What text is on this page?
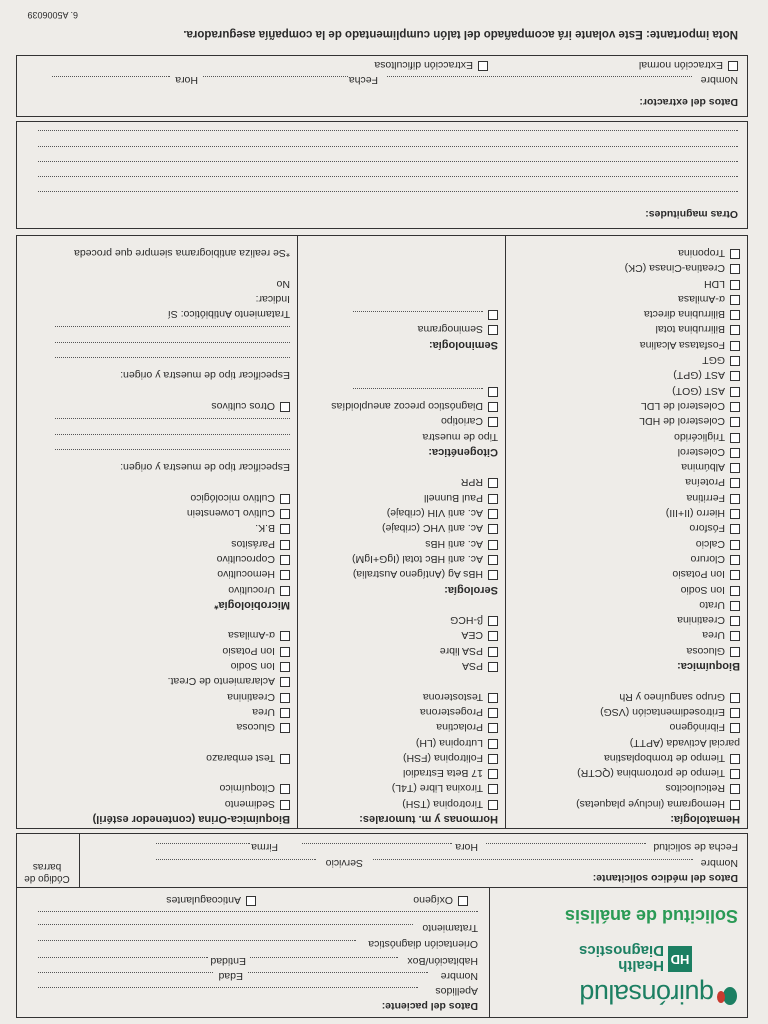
quirónsalud
HD
Health
Diagnostics
Solicitud de análisis
Datos del paciente:
Apellidos
Nombre
Edad
Habitación/Box
Entidad
Orientación diagnóstica
Tratamiento
Oxígeno
Anticoagulantes
Código de barras
Datos del médico solicitante:
Nombre
Servicio
Fecha de solicitud
Hora
Firma
Hematología:
Hemograma (incluye plaquetas)
Reticulocitos
Tiempo de protrombina (QCTR)
Tiempo de tromboplastina
parcial Activada (APTT)
Fibrinógeno
Eritrosedimentación (VSG)
Grupo sanguíneo y Rh
Bioquímica:
Glucosa
Urea
Creatinina
Urato
Ion Sodio
Ion Potasio
Cloruro
Calcio
Fósforo
Hierro (II+III)
Ferritina
Proteína
Albúmina
Colesterol
Triglicérido
Colesterol de HDL
Colesterol de LDL
AST (GOT)
AST (GPT)
GGT
Fosfatasa Alcalina
Bilirrubina total
Bilirrubina directa
α-Amilasa
LDH
Creatina-Cinasa (CK)
Troponina
Hormonas y m. tumorales:
Tirotropina (TSH)
Tiroxina Libre (T4L)
17 Beta Estradiol
Folitropina (FSH)
Lutropina (LH)
Prolactina
Progesterona
Testosterona
PSA
PSA libre
CEA
β-HCG
Serología:
HBs Ag (Antígeno Australia)
Ac. anti HBc total (IgG+IgM)
Ac. anti HBs
Ac. anti VHC (cribaje)
Ac. anti VIH (cribaje)
Paul Bunnell
RPR
Citogenética:
Tipo de muestra
Cariotipo
Diagnóstico precoz aneuploidías
Seminología:
Seminograma
Bioquímica-Orina (contenedor estéril)
Sedimento
Citoquímico
Test embarazo
Glucosa
Urea
Creatinina
Aclaramiento de Creat.
Ion Sodio
Ion Potasio
α-Amilasa
Microbiología*
Urocultivo
Hemocultivo
Coprocultivo
Parásitos
B.K.
Cultivo Lowenstein
Cultivo micológico
Especificar tipo de muestra y origen:
Otros cultivos
Especificar tipo de muestra y origen:
Tratamiento Antibiótico: Sí
Indicar:
No
*Se realiza antibiograma siempre que proceda
Otras magnitudes:
Datos del extractor:
Nombre
Fecha
Hora
Extracción normal
Extracción dificultosa
Nota importante: Este volante irá acompañado del talón cumplimentado de la compañía aseguradora.
6. A5006039
